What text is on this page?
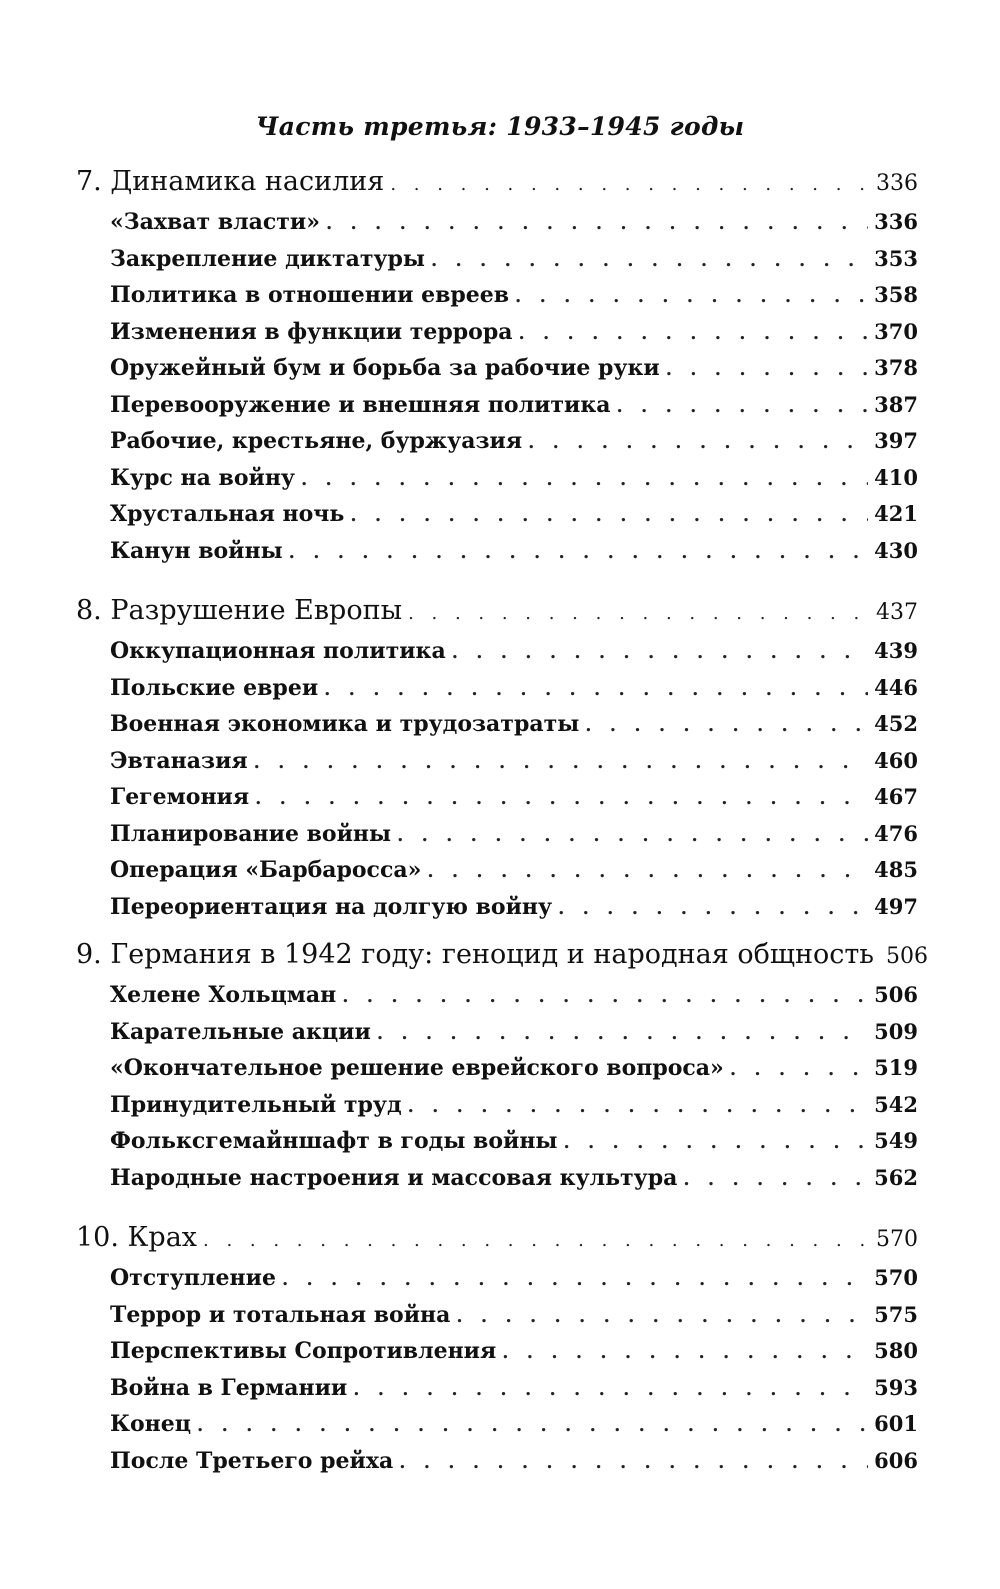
Часть третья: 1933–1945 годы
7. Динамика насилия . . .	336
«Захват власти» . . .	336
Закрепление диктатуры . . .	353
Политика в отношении евреев . . .	358
Изменения в функции террора . . .	370
Оружейный бум и борьба за рабочие руки . . .	378
Перевооружение и внешняя политика . . .	387
Рабочие, крестьяне, буржуазия . . .	397
Курс на войну . . .	410
Хрустальная ночь . . .	421
Канун войны . . .	430
8. Разрушение Европы . . .	437
Оккупационная политика . . .	439
Польские евреи . . .	446
Военная экономика и трудозатраты . . .	452
Эвтаназия . . .	460
Гегемония . . .	467
Планирование войны . . .	476
Операция «Барбаросса» . . .	485
Переориентация на долгую войну . . .	497
9. Германия в 1942 году: геноцид и народная общность 506
Хелене Хольцман . . .	506
Карательные акции . . .	509
«Окончательное решение еврейского вопроса» . . .	519
Принудительный труд . . .	542
Фольксгемайншафт в годы войны . . .	549
Народные настроения и массовая культура . . .	562
10. Крах . . .	570
Отступление . . .	570
Террор и тотальная война . . .	575
Перспективы Сопротивления . . .	580
Война в Германии . . .	593
Конец . . .	601
После Третьего рейха . . .	606
